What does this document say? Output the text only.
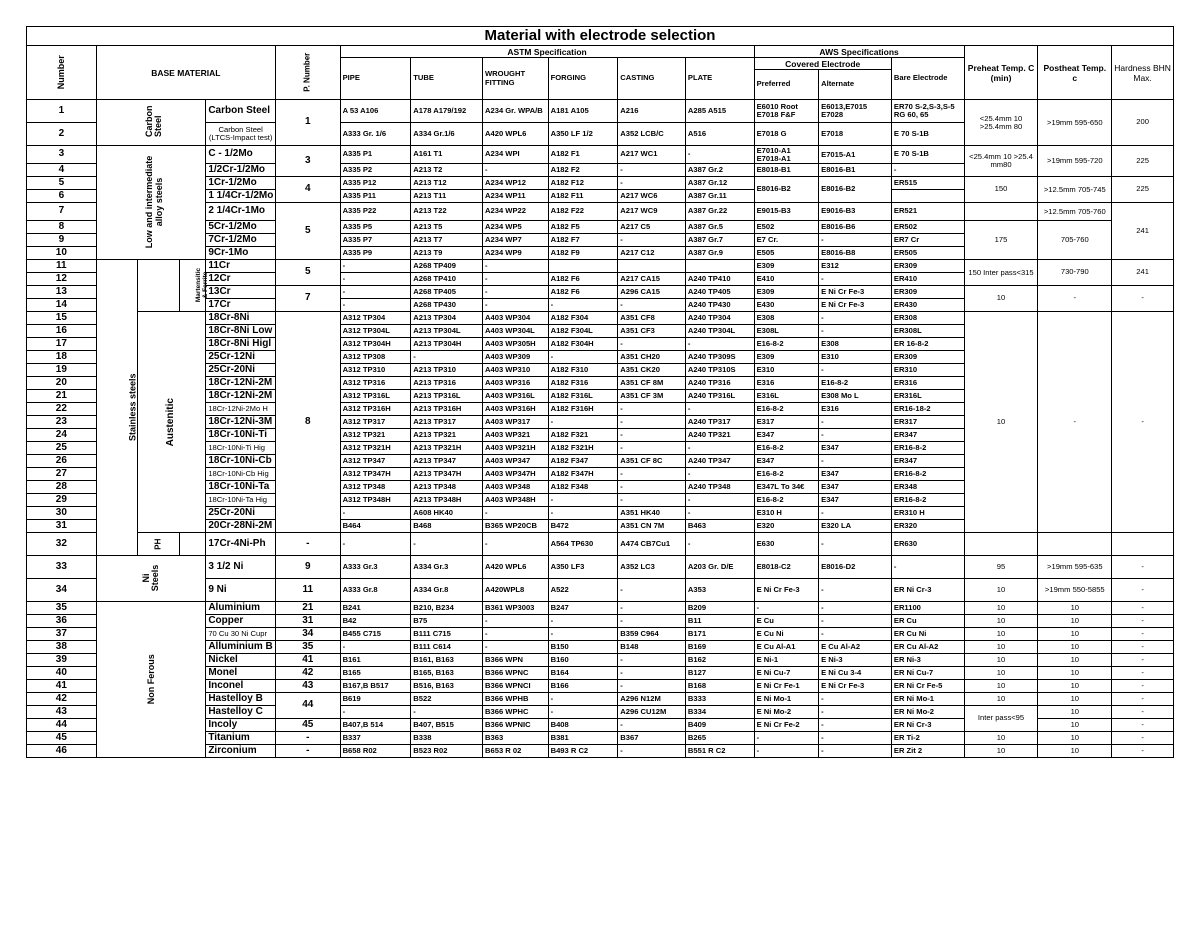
Material with electrode selection																	
Number	BASE MATERIAL				P. Number	ASTM Specification						AWS Specifications			Preheat Temp. C (min)	Postheat Temp. c	Hardness BHN Max.
						PIPE	TUBE	WROUGHT FITTING	FORGING	CASTING	PLATE	Covered Electrode		Bare Electrode			
												Preferred	Alternate				
1		Carbon Steel		Carbon Steel	1	A 53 A106	A178 A179/192	A234 Gr. WPA/B	A181 A105	A216	A285 A515	E6010 Root E7018 F&F	E6013,E7015 E7028	ER70 S-2,S-3,S-5 RG 60, 65	<25.4mm 10 >25.4mm 80	>19mm 595-650	200
2				Carbon Steel (LTCS-Impact test)		A333 Gr. 1/6	A334 Gr.1/6	A420 WPL6	A350 LF 1/2	A352 LCB/C	A516	E7018 G	E7018	E 70 S-1B			
3	Low and intermediate alloy steels			C - 1/2Mo	3	A335 P1	A161 T1	A234 WPI	A182 F1	A217 WC1	-	E7010-A1 E7018-A1	E7015-A1	E 70 S-1B	<25.4mm 10 >25.4 mm80	>19mm 595-720	225
4				1/2Cr-1/2Mo		A335 P2	A213 T2	-	A182 F2	-	A387 Gr.2	E8018-B1	E8016-B1	-			
5				1Cr-1/2Mo	4	A335 P12	A213 T12	A234 WP12	A182 F12	-	A387 Gr.12	E8016-B2	E8016-B2	ER515	150	>12.5mm 705-745	225
6				1 1/4Cr-1/2Mo		A335 P11	A213 T11	A234 WP11	A182 F11	A217 WC6	A387 Gr.11						
7				2 1/4Cr-1Mo	5	A335 P22	A213 T22	A234 WP22	A182 F22	A217 WC9	A387 Gr.22	E9015-B3	E9016-B3	ER521		>12.5mm 705-760	241
8				5Cr-1/2Mo		A335 P5	A213 T5	A234 WP5	A182 F5	A217 C5	A387 Gr.5	E502	E8016-B6	ER502	175	705-760	
9				7Cr-1/2Mo		A335 P7	A213 T7	A234 WP7	A182 F7	-	A387 Gr.7	E7 Cr.	-	ER7 Cr			
10				9Cr-1Mo		A335 P9	A213 T9	A234 WP9	A182 F9	A217 C12	A387 Gr.9	E505	E8016-B8	ER505			
11	Stainless steels		Martensitic & Ferrite	11Cr	5	-	A268 TP409	-				E309	E312	ER309	150 Inter pass<315	730-790	241
12				12Cr		-	A268 TP410	-	A182 F6	A217 CA15	A240 TP410	E410	-	ER410			
13				13Cr	7	-	A268 TP405	-	A182 F6	A296 CA15	A240 TP405	E309	E Ni Cr Fe-3	ER309	10	-	-
14				17Cr		-	A268 TP430	-	-	-	A240 TP430	E430	E Ni Cr Fe-3	ER430			
15		Austenitic		18Cr-8Ni	8	A312 TP304	A213 TP304	A403 WP304	A182 F304	A351 CF8	A240 TP304	E308	-	ER308	10	-	-
16				18Cr-8Ni Low		A312 TP304L	A213 TP304L	A403 WP304L	A182 F304L	A351 CF3	A240 TP304L	E308L	-	ER308L			
17				18Cr-8Ni Higl		A312 TP304H	A213 TP304H	A403 WP305H	A182 F304H	-	-	E16-8-2	E308	ER 16-8-2			
18				25Cr-12Ni		A312 TP308	-	A403 WP309	-	A351 CH20	A240 TP309S	E309	E310	ER309			
19				25Cr-20Ni		A312 TP310	A213 TP310	A403 WP310	A182 F310	A351 CK20	A240 TP310S	E310	-	ER310			
20				18Cr-12Ni-2M		A312 TP316	A213 TP316	A403 WP316	A182 F316	A351 CF 8M	A240 TP316	E316	E16-8-2	ER316			
21				18Cr-12Ni-2M		A312 TP316L	A213 TP316L	A403 WP316L	A182 F316L	A351 CF 3M	A240 TP316L	E316L	E308 Mo L	ER316L			
22				18Cr-12Ni-2Mo H		A312 TP316H	A213 TP316H	A403 WP316H	A182 F316H	-	-	E16-8-2	E316	ER16-18-2			
23				18Cr-12Ni-3M		A312 TP317	A213 TP317	A403 WP317	-	-	A240 TP317	E317	-	ER317			
24				18Cr-10Ni-Ti		A312 TP321	A213 TP321	A403 WP321	A182 F321	-	A240 TP321	E347	-	ER347			
25				18Cr-10Ni-Ti Hig		A312 TP321H	A213 TP321H	A403 WP321H	A182 F321H	-	-	E16-8-2	E347	ER16-8-2			
26				18Cr-10Ni-Cb		A312 TP347	A213 TP347	A403 WP347	A182 F347	A351 CF 8C	A240 TP347	E347	-	ER347			
27				18Cr-10Ni-Cb Hig		A312 TP347H	A213 TP347H	A403 WP347H	A182 F347H	-	-	E16-8-2	E347	ER16-8-2			
28				18Cr-10Ni-Ta		A312 TP348	A213 TP348	A403 WP348	A182 F348	-	A240 TP348	E347L To 34€	E347	ER348			
29				18Cr-10Ni-Ta Hig		A312 TP348H	A213 TP348H	A403 WP348H	-	-	-	E16-8-2	E347	ER16-8-2			
30				25Cr-20Ni		-	A608 HK40	-	-	A351 HK40	-	E310 H	-	ER310 H			
31				20Cr-28Ni-2M		B464	B468	B365 WP20CB	B472	A351 CN 7M	B463	E320	E320 LA	ER320			
32		PH		17Cr-4Ni-Ph	-	-	-	-	A564 TP630	A474 CB7Cu1	-	E630	-	ER630			
33	Ni Steels			3 1/2 Ni	9	A333 Gr.3	A334 Gr.3	A420 WPL6	A350 LF3	A352 LC3	A203 Gr. D/E	E8018-C2	E8016-D2	-	95	>19mm 595-635	-
34				9 Ni	11	A333 Gr.8	A334 Gr.8	A420WPL8	A522	-	A353	E Ni Cr Fe-3	-	ER Ni Cr-3	10	>19mm 550-5855	-
35	Non Ferous			Aluminium	21	B241	B210, B234	B361 WP3003	B247	-	B209	-	-	ER1100	10	10	-
36				Copper	31	B42	B75	-	-	-	B11	E Cu	-	ER Cu	10	10	-
37				70 Cu 30 Ni Cupr	34	B455 C715	B111 C715	-	-	B359 C964	B171	E Cu Ni	-	ER Cu Ni	10	10	-
38				Alluminium B	35	-	B111 C614	-	B150	B148	B169	E Cu Al-A1	E Cu Al-A2	ER Cu Al-A2	10	10	-
39				Nickel	41	B161	B161, B163	B366 WPN	B160	-	B162	E Ni-1	E Ni-3	ER Ni-3	10	10	-
40				Monel	42	B165	B165, B163	B366 WPNC	B164	-	B127	E Ni Cu-7	E Ni Cu 3-4	ER Ni Cu-7	10	10	-
41				Inconel	43	B167,B B517	B516, B163	B366 WPNCI	B166	-	B168	E Ni Cr Fe-1	E Ni Cr Fe-3	ER Ni Cr Fe-5	10	10	-
42				Hastelloy B	44	B619	B522	B366 WPHB	-	A296 N12M	B333	E Ni Mo-1	-	ER Ni Mo-1	10	10	-
43				Hastelloy C		-	-	B366 WPHC	-	A296 CU12M	B334	E Ni Mo-2	-	ER Ni Mo-2	Inter pass<95	10	-
44				Incoly	45	B407,B 514	B407, B515	B366 WPNIC	B408	-	B409	E Ni Cr Fe-2	-	ER Ni Cr-3		10	-
45				Titanium	-	B337	B338	B363	B381	B367	B265	-	-	ER Ti-2	10	10	-
46				Zirconium	-	B658 R02	B523 R02	B653 R 02	B493 R C2	-	B551 R C2	-	-	ER Zit 2	10	10	-
